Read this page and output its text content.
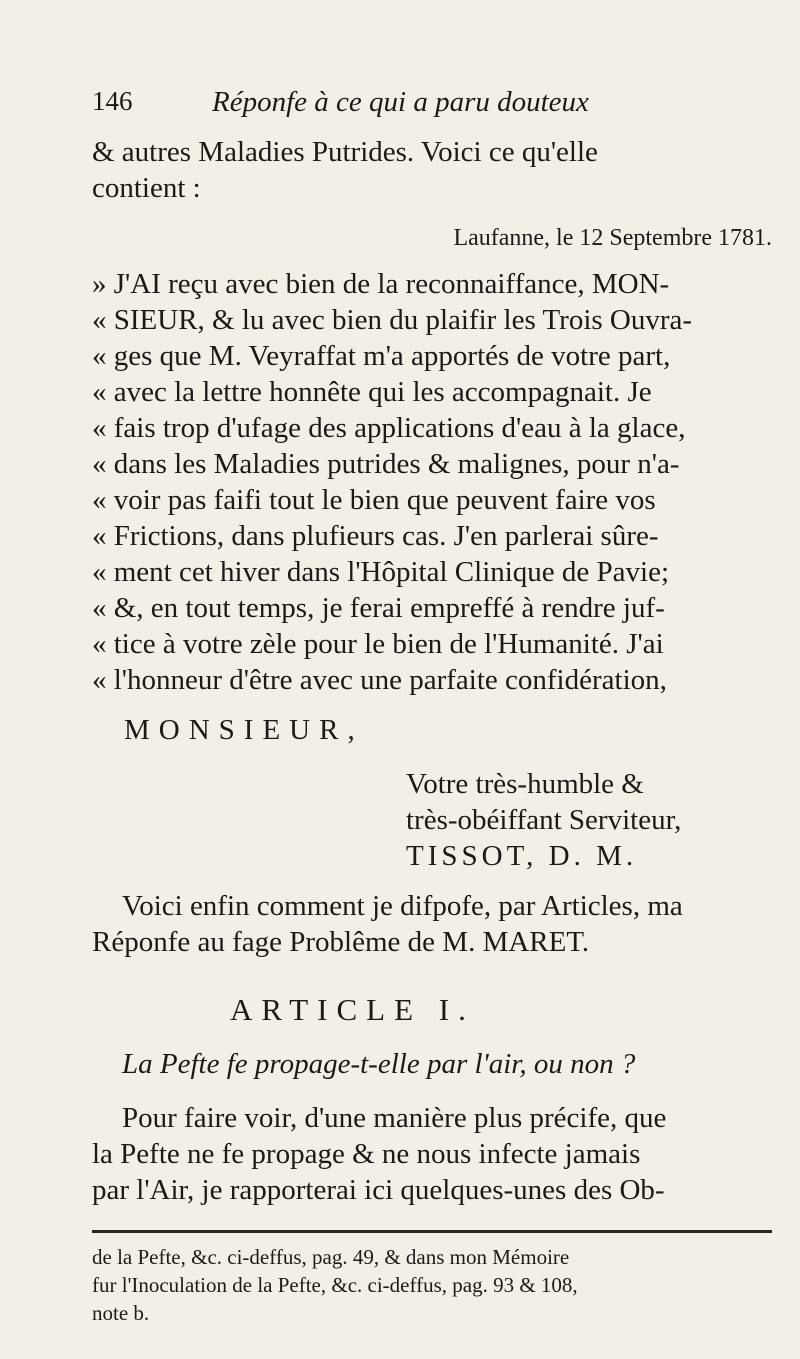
146	Réponfe à ce qui a paru douteux
& autres Maladies Putrides. Voici ce qu'elle
contient :
Laufanne, le 12 Septembre 1781.
» J'AI reçu avec bien de la reconnaiffance, MON-
« SIEUR, & lu avec bien du plaifir les Trois Ouvra-
« ges que M. Veyraffat m'a apportés de votre part,
« avec la lettre honnête qui les accompagnait. Je
« fais trop d'ufage des applications d'eau à la glace,
« dans les Maladies putrides & malignes, pour n'a-
« voir pas faifi tout le bien que peuvent faire vos
« Frictions, dans plufieurs cas. J'en parlerai sûre-
« ment cet hiver dans l'Hôpital Clinique de Pavie;
« &, en tout temps, je ferai empreffé à rendre juf-
« tice à votre zèle pour le bien de l'Humanité. J'ai
« l'honneur d'être avec une parfaite confidération,
MONSIEUR,
Votre très-humble &
très-obéiffant Serviteur,
TISSOT, D. M.
Voici enfin comment je difpofe, par Articles, ma
Réponfe au fage Problême de M. MARET.
ARTICLE I.
La Pefte fe propage-t-elle par l'air, ou non ?
Pour faire voir, d'une manière plus précife, que
la Pefte ne fe propage & ne nous infecte jamais
par l'Air, je rapporterai ici quelques-unes des Ob-
de la Pefte, &c. ci-deffus, pag. 49, & dans mon Mémoire
fur l'Inoculation de la Pefte, &c. ci-deffus, pag. 93 & 108,
note b.
